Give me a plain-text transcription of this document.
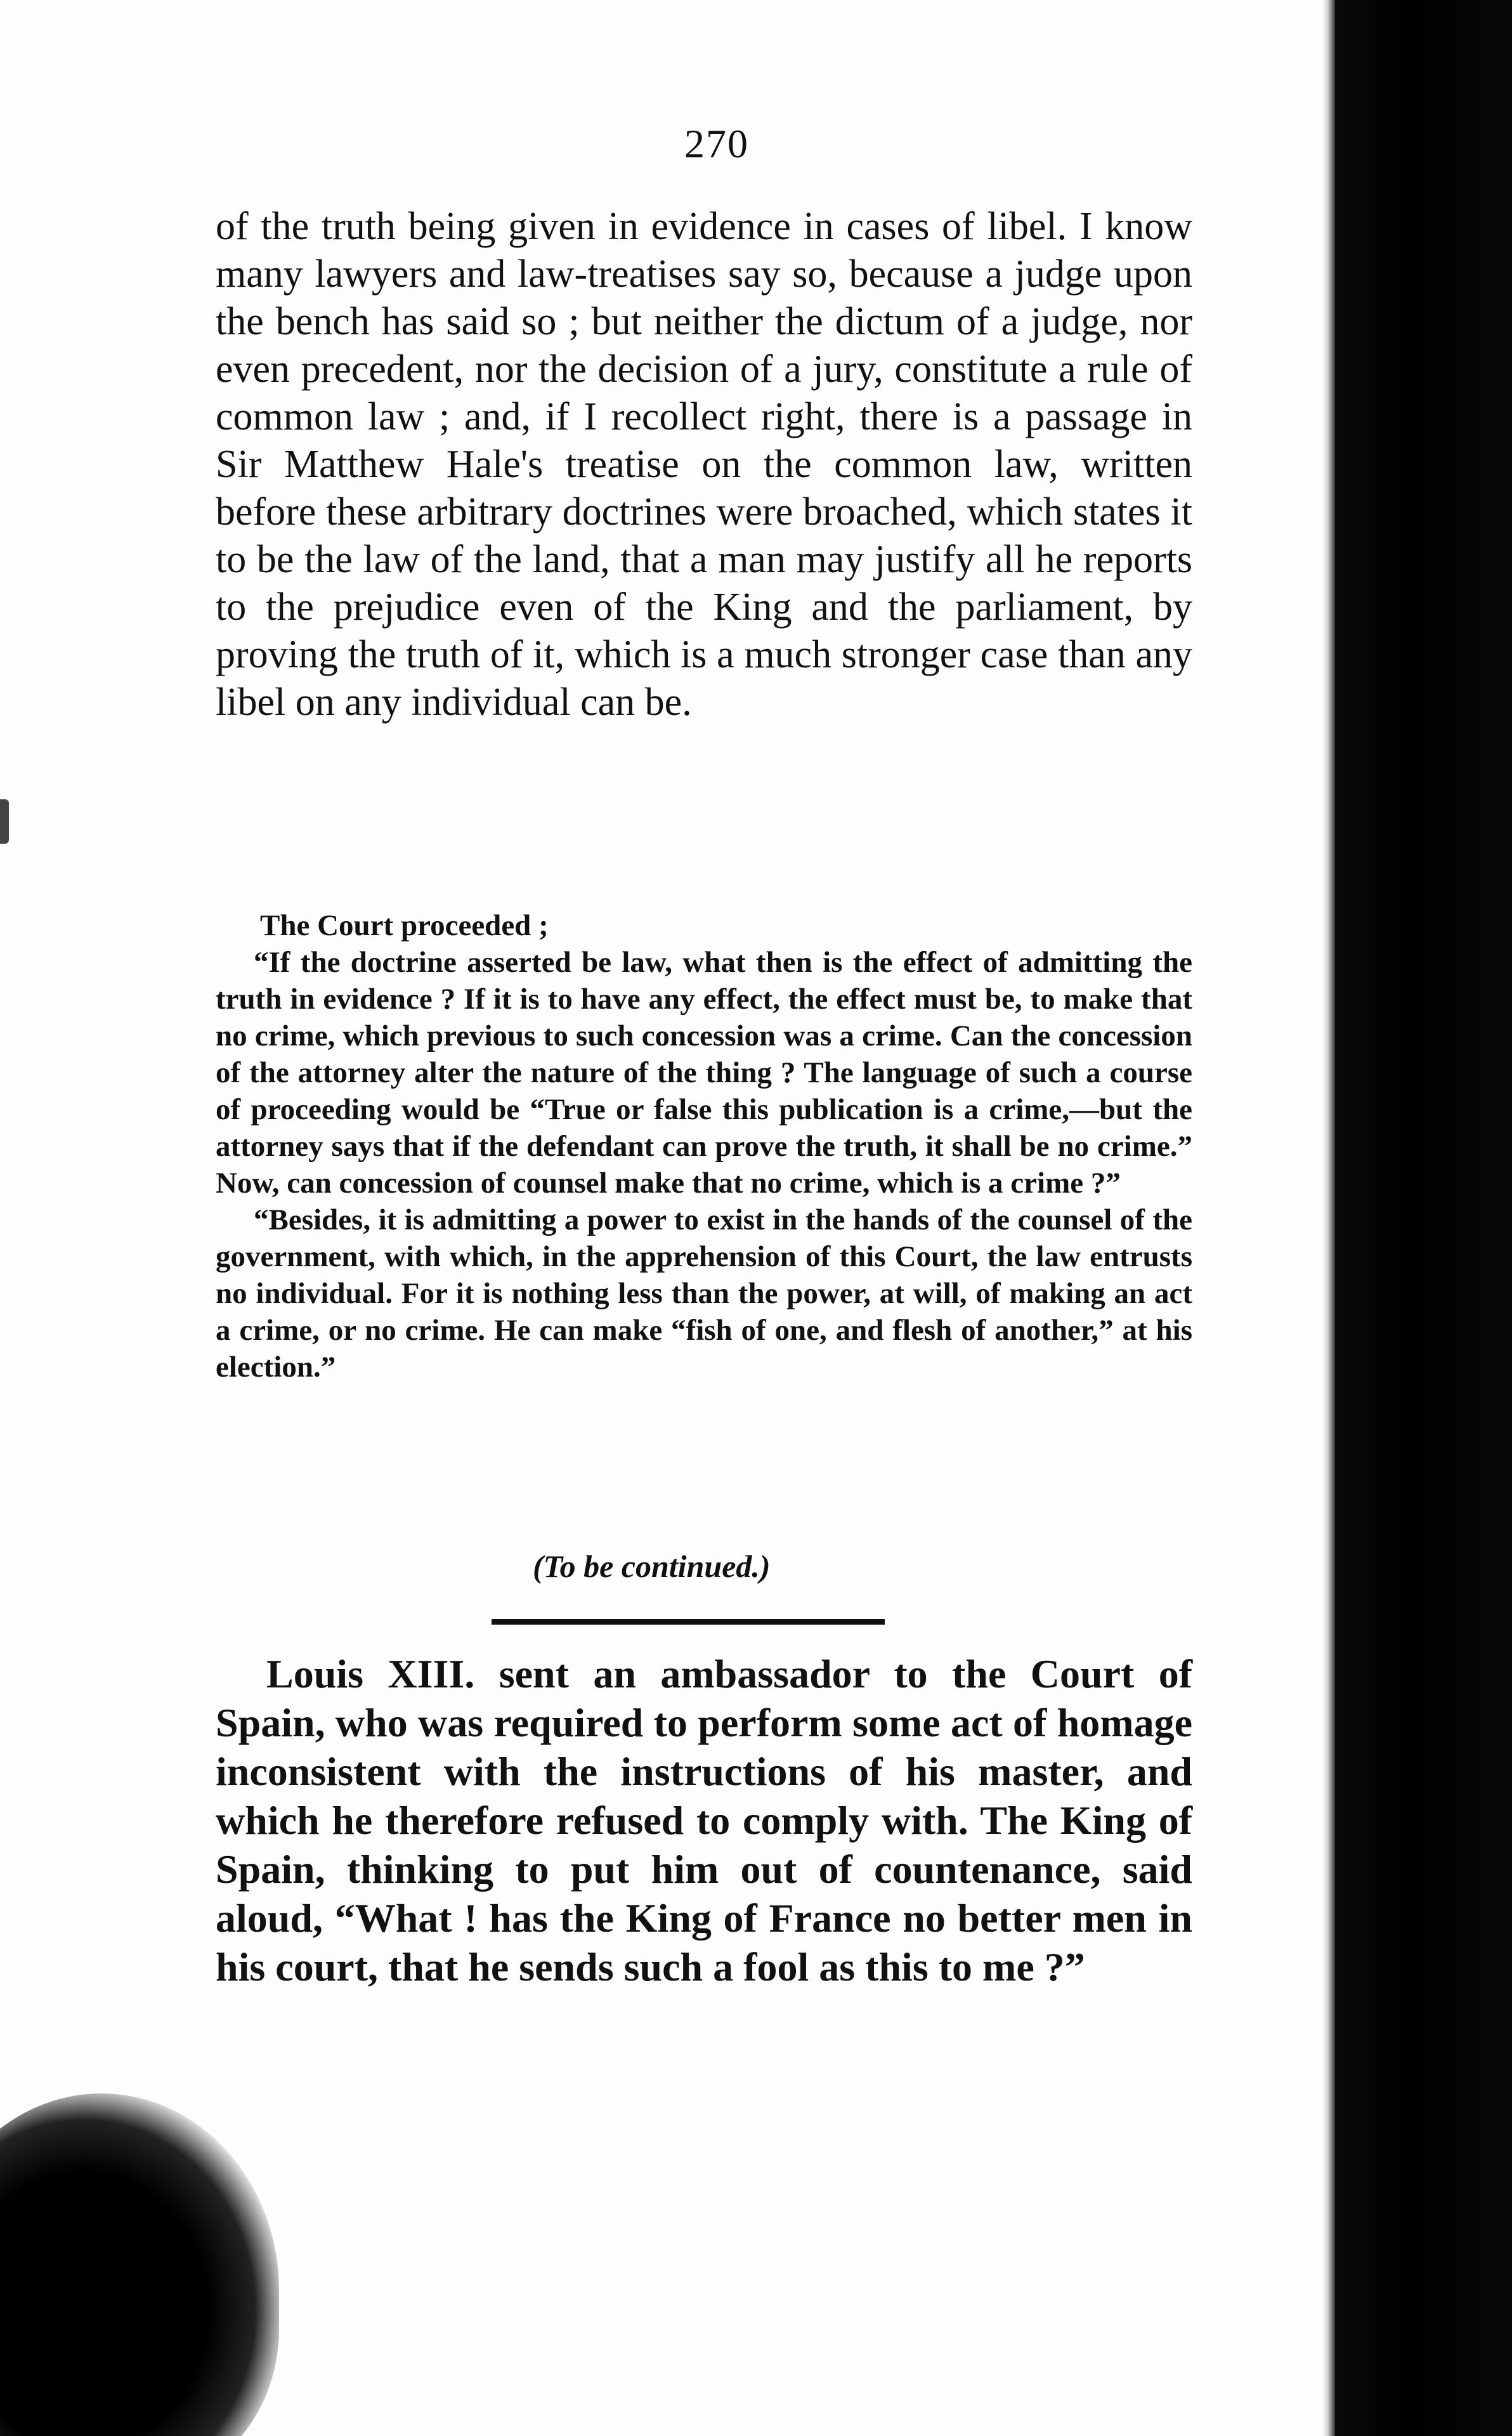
270

of the truth being given in evidence in cases of libel. I know many lawyers and law-treatises say so, because a judge upon the bench has said so ; but neither the dictum of a judge, nor even precedent, nor the decision of a jury, constitute a rule of common law ; and, if I recollect right, there is a passage in Sir Matthew Hale's treatise on the common law, written before these arbitrary doctrines were broached, which states it to be the law of the land, that a man may justify all he reports to the prejudice even of the King and the parliament, by proving the truth of it, which is a much stronger case than any libel on any individual can be.

The Court proceeded ;

“If the doctrine asserted be law, what then is the effect of admitting the truth in evidence ? If it is to have any effect, the effect must be, to make that no crime, which previous to such concession was a crime. Can the concession of the attorney alter the nature of the thing ? The language of such a course of proceeding would be “True or false this publication is a crime,—but the attorney says that if the defendant can prove the truth, it shall be no crime.” Now, can concession of counsel make that no crime, which is a crime ?”

“Besides, it is admitting a power to exist in the hands of the counsel of the government, with which, in the apprehension of this Court, the law entrusts no individual. For it is nothing less than the power, at will, of making an act a crime, or no crime. He can make “fish of one, and flesh of another,” at his election.”

(To be continued.)

Louis XIII. sent an ambassador to the Court of Spain, who was required to perform some act of homage inconsistent with the instructions of his master, and which he therefore refused to comply with. The King of Spain, thinking to put him out of countenance, said aloud, “What ! has the King of France no better men in his court, that he sends such a fool as this to me ?”
